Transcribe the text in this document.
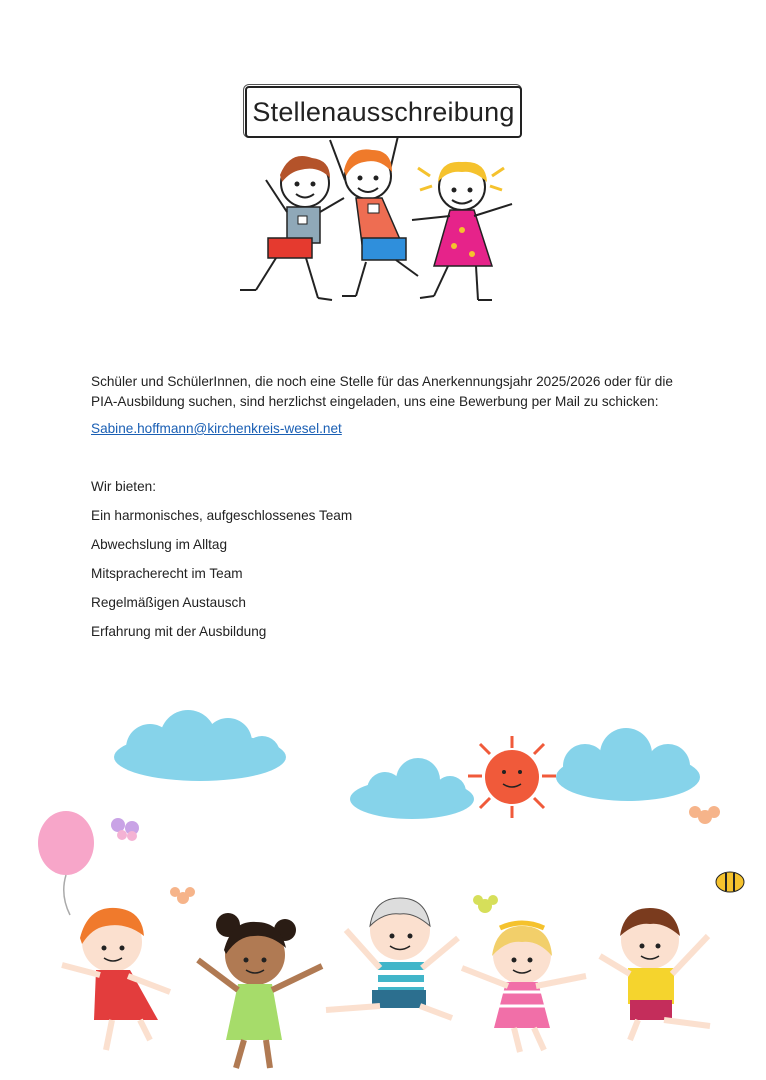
Stellenausschreibung

Schüler und SchülerInnen, die noch eine Stelle für das Anerkennungsjahr 2025/2026 oder für die PIA-Ausbildung suchen, sind herzlichst eingeladen, uns eine Bewerbung per Mail zu schicken:

Sabine.hoffmann@kirchenkreis-wesel.net
Wir bieten:
Ein harmonisches, aufgeschlossenes Team
Abwechslung im Alltag
Mitspracherecht im Team
Regelmäßigen Austausch
Erfahrung mit der Ausbildung
